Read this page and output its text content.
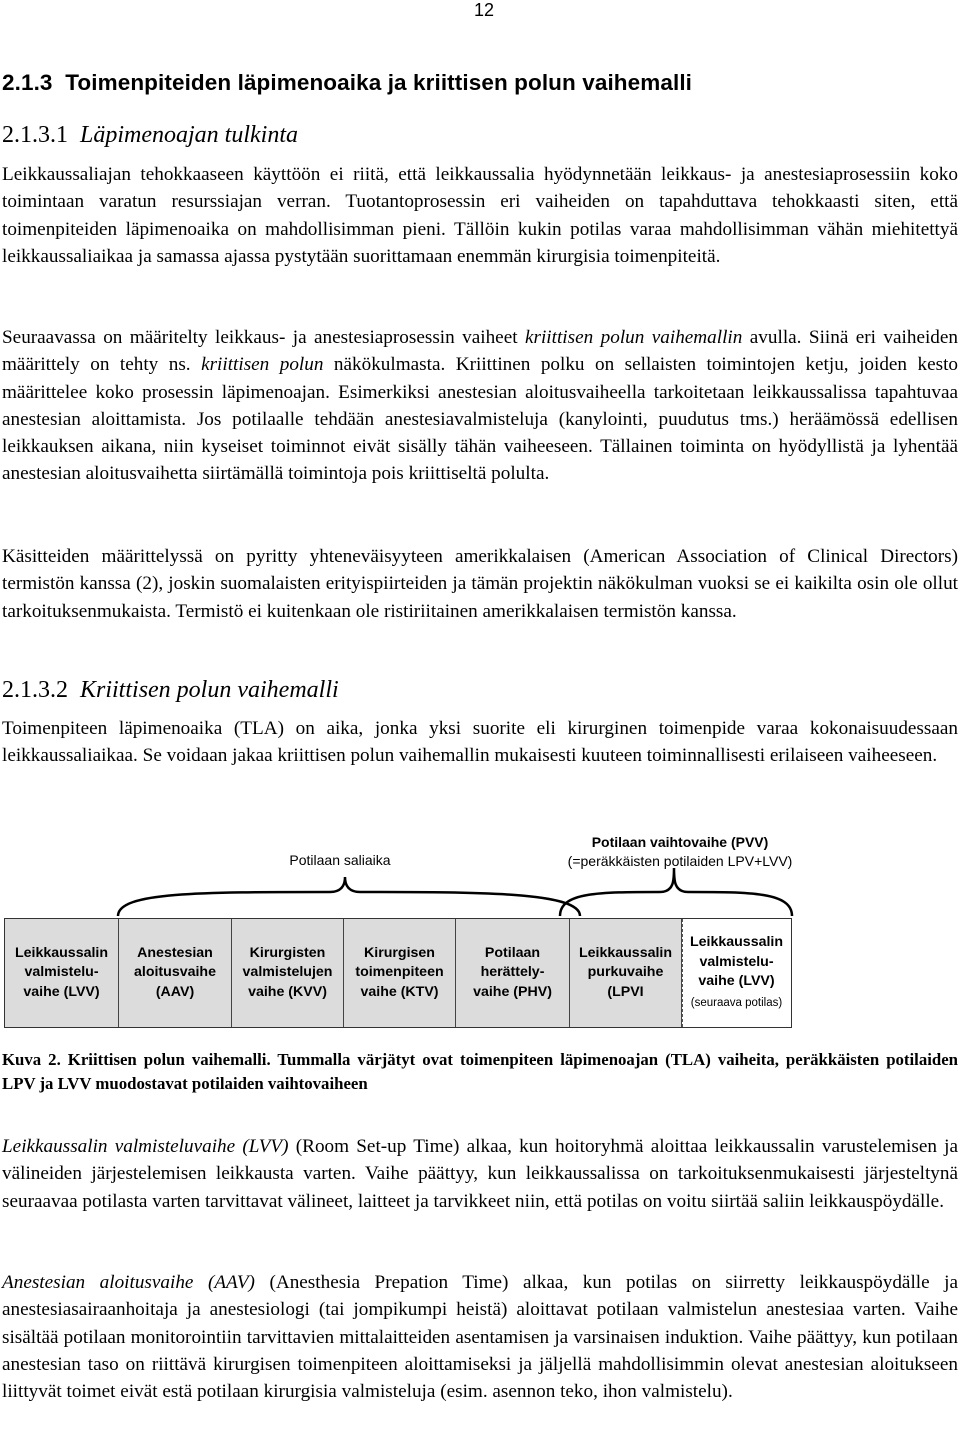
12
2.1.3 Toimenpiteiden läpimenoaika ja kriittisen polun vaihemalli
2.1.3.1 Läpimenoajan tulkinta

Leikkaussaliajan tehokkaaseen käyttöön ei riitä, että leikkaussalia hyödynnetään leikkaus- ja anestesiaprosessiin koko toimintaan varatun resurssiajan verran. Tuotantoprosessin eri vaiheiden on tapahduttava tehokkaasti siten, että toimenpiteiden läpimenoaika on mahdollisimman pieni. Tällöin kukin potilas varaa mahdollisimman vähän miehitettyä leikkaussaliaikaa ja samassa ajassa pystytään suorittamaan enemmän kirurgisia toimenpiteitä.

Seuraavassa on määritelty leikkaus- ja anestesiaprosessin vaiheet kriittisen polun vaihemallin avulla. Siinä eri vaiheiden määrittely on tehty ns. kriittisen polun näkökulmasta. Kriittinen polku on sellaisten toimintojen ketju, joiden kesto määrittelee koko prosessin läpimenoajan. Esimerkiksi anestesian aloitusvaiheella tarkoitetaan leikkaussalissa tapahtuvaa anestesian aloittamista. Jos potilaalle tehdään anestesiavalmisteluja (kanylointi, puudutus tms.) heräämössä edellisen leikkauksen aikana, niin kyseiset toiminnot eivät sisälly tähän vaiheeseen. Tällainen toiminta on hyödyllistä ja lyhentää anestesian aloitusvaihetta siirtämällä toimintoja pois kriittiseltä polulta.

Käsitteiden määrittelyssä on pyritty yhteneväisyyteen amerikkalaisen (American Association of Clinical Directors) termistön kanssa (2), joskin suomalaisten erityispiirteiden ja tämän projektin näkökulman vuoksi se ei kaikilta osin ole ollut tarkoituksenmukaista. Termistö ei kuitenkaan ole ristiriitainen amerikkalaisen termistön kanssa.

2.1.3.2 Kriittisen polun vaihemalli

Toimenpiteen läpimenoaika (TLA) on aika, jonka yksi suorite eli kirurginen toimenpide varaa kokonaisuudessaan leikkaussaliaikaa. Se voidaan jakaa kriittisen polun vaihemallin mukaisesti kuuteen toiminnallisesti erilaiseen vaiheeseen.

Potilaan saliaika
Potilaan vaihtovaihe (PVV)
(=peräkkäisten potilaiden LPV+LVV)
Leikkaussalin
valmistelu-
vaihe (LVV)
Anestesian
aloitusvaihe
(AAV)
Kirurgisten
valmistelujen
vaihe (KVV)
Kirurgisen
toimenpiteen
vaihe (KTV)
Potilaan
herättely-
vaihe (PHV)
Leikkaussalin
purkuvaihe
(LPVI
Leikkaussalin
valmistelu-
vaihe (LVV)
(seuraava potilas)

Kuva 2. Kriittisen polun vaihemalli. Tummalla värjätyt ovat toimenpiteen läpimenoajan (TLA) vaiheita, peräkkäisten potilaiden LPV ja LVV muodostavat potilaiden vaihtovaiheen

Leikkaussalin valmisteluvaihe (LVV) (Room Set-up Time) alkaa, kun hoitoryhmä aloittaa leikkaussalin varustelemisen ja välineiden järjestelemisen leikkausta varten. Vaihe päättyy, kun leikkaussalissa on tarkoituksenmukaisesti järjesteltynä seuraavaa potilasta varten tarvittavat välineet, laitteet ja tarvikkeet niin, että potilas on voitu siirtää saliin leikkauspöydälle.

Anestesian aloitusvaihe (AAV) (Anesthesia Prepation Time) alkaa, kun potilas on siirretty leikkauspöydälle ja anestesiasairaanhoitaja ja anestesiologi (tai jompikumpi heistä) aloittavat potilaan valmistelun anestesiaa varten. Vaihe sisältää potilaan monitorointiin tarvittavien mittalaitteiden asentamisen ja varsinaisen induktion. Vaihe päättyy, kun potilaan anestesian taso on riittävä kirurgisen toimenpiteen aloittamiseksi ja jäljellä mahdollisimmin olevat anestesian aloitukseen liittyvät toimet eivät estä potilaan kirurgisia valmisteluja (esim. asennon teko, ihon valmistelu).
